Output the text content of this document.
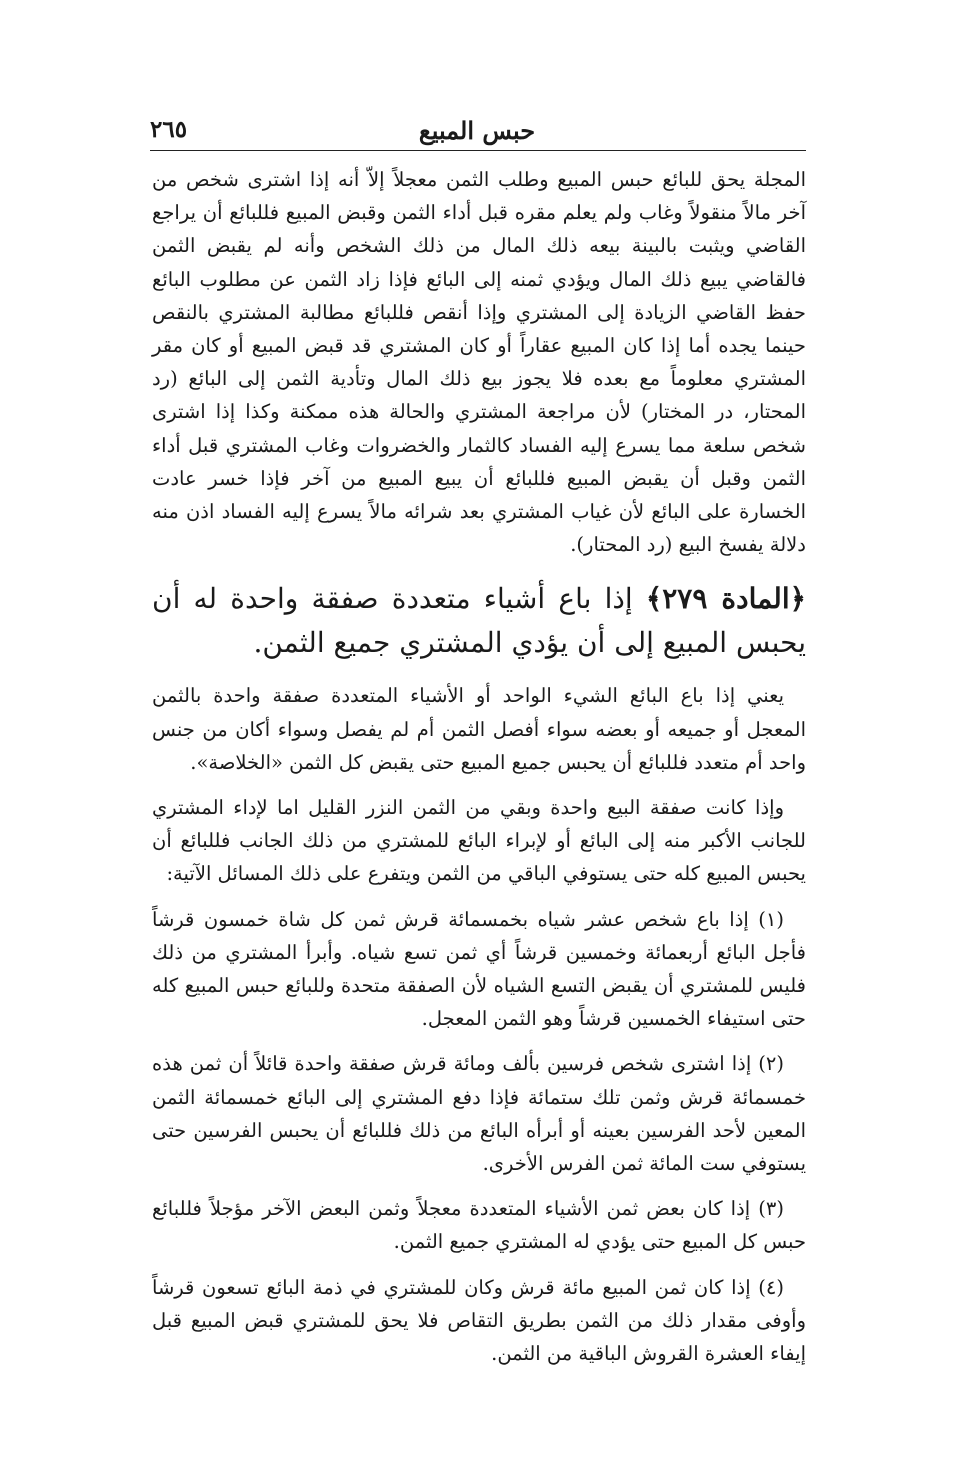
حبس المبيع
٢٦٥

المجلة يحق للبائع حبس المبيع وطلب الثمن معجلاً إلاّ أنه إذا اشترى شخص من آخر مالاً منقولاً وغاب ولم يعلم مقره قبل أداء الثمن وقبض المبيع فللبائع أن يراجع القاضي ويثبت بالبينة بيعه ذلك المال من ذلك الشخص وأنه لم يقبض الثمن فالقاضي يبيع ذلك المال ويؤدي ثمنه إلى البائع فإذا زاد الثمن عن مطلوب البائع حفظ القاضي الزيادة إلى المشتري وإذا أنقص فللبائع مطالبة المشتري بالنقص حينما يجده أما إذا كان المبيع عقاراً أو كان المشتري قد قبض المبيع أو كان مقر المشتري معلوماً مع بعده فلا يجوز بيع ذلك المال وتأدية الثمن إلى البائع (رد المحتار، در المختار) لأن مراجعة المشتري والحالة هذه ممكنة وكذا إذا اشترى شخص سلعة مما يسرع إليه الفساد كالثمار والخضروات وغاب المشتري قبل أداء الثمن وقبل أن يقبض المبيع فللبائع أن يبيع المبيع من آخر فإذا خسر عادت الخسارة على البائع لأن غياب المشتري بعد شرائه مالاً يسرع إليه الفساد اذن منه دلالة يفسخ البيع (رد المحتار).

﴿المادة ٢٧٩﴾ إذا باع أشياء متعددة صفقة واحدة له أن يحبس المبيع إلى أن يؤدي المشتري جميع الثمن.

يعني إذا باع البائع الشيء الواحد أو الأشياء المتعددة صفقة واحدة بالثمن المعجل أو جميعه أو بعضه سواء أفصل الثمن أم لم يفصل وسواء أكان من جنس واحد أم متعدد فللبائع أن يحبس جميع المبيع حتى يقبض كل الثمن «الخلاصة».

وإذا كانت صفقة البيع واحدة وبقي من الثمن النزر القليل اما لإداء المشتري للجانب الأكبر منه إلى البائع أو لإبراء البائع للمشتري من ذلك الجانب فللبائع أن يحبس المبيع كله حتى يستوفي الباقي من الثمن ويتفرع على ذلك المسائل الآتية:

(١) إذا باع شخص عشر شياه بخمسمائة قرش ثمن كل شاة خمسون قرشاً فأجل البائع أربعمائة وخمسين قرشاً أي ثمن تسع شياه. وأبرأ المشتري من ذلك فليس للمشتري أن يقبض التسع الشياه لأن الصفقة متحدة وللبائع حبس المبيع كله حتى استيفاء الخمسين قرشاً وهو الثمن المعجل.

(٢) إذا اشترى شخص فرسين بألف ومائة قرش صفقة واحدة قائلاً أن ثمن هذه خمسمائة قرش وثمن تلك ستمائة فإذا دفع المشتري إلى البائع خمسمائة الثمن المعين لأحد الفرسين بعينه أو أبرأه البائع من ذلك فللبائع أن يحبس الفرسين حتى يستوفي ست المائة ثمن الفرس الأخرى.

(٣) إذا كان بعض ثمن الأشياء المتعددة معجلاً وثمن البعض الآخر مؤجلاً فللبائع حبس كل المبيع حتى يؤدي له المشتري جميع الثمن.

(٤) إذا كان ثمن المبيع مائة قرش وكان للمشتري في ذمة البائع تسعون قرشاً وأوفى مقدار ذلك من الثمن بطريق التقاص فلا يحق للمشتري قبض المبيع قبل إيفاء العشرة القروش الباقية من الثمن.
